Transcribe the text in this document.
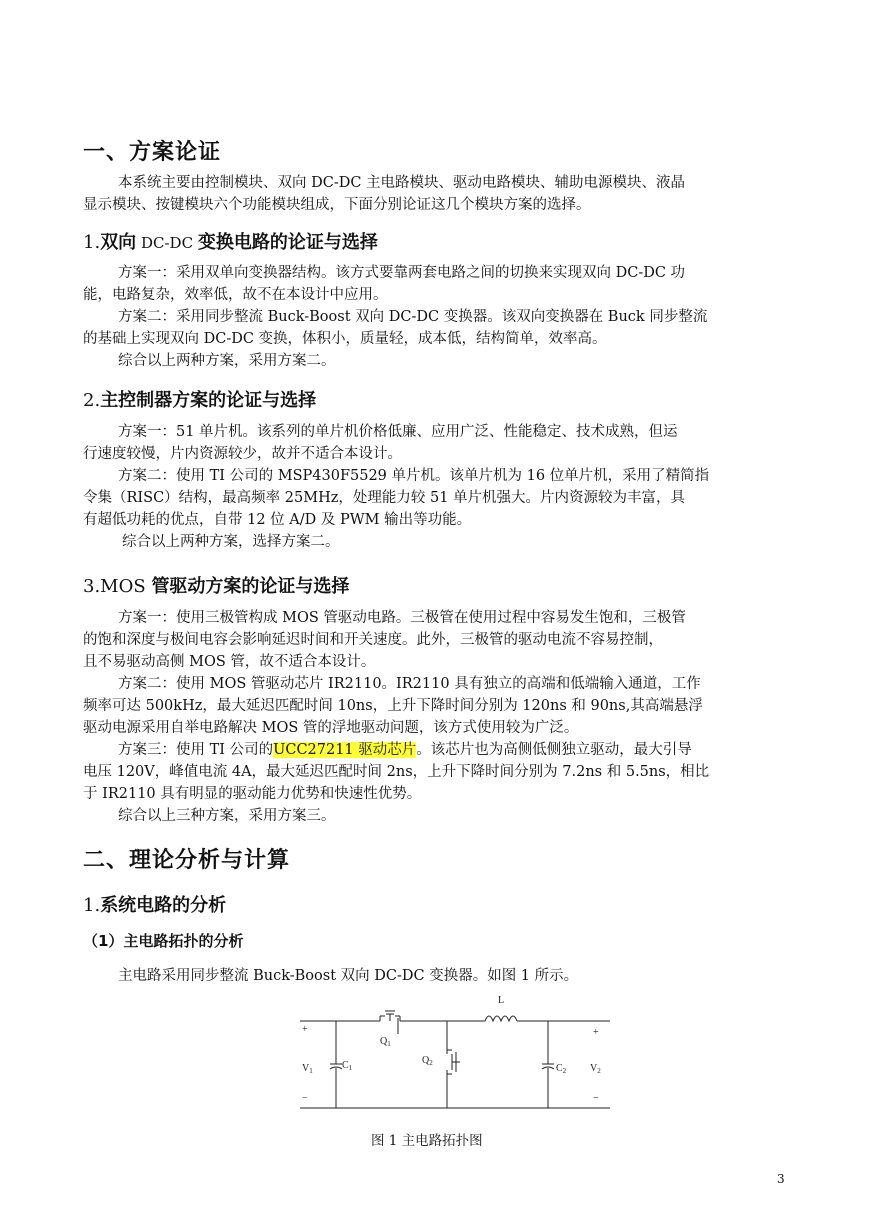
一、方案论证
本系统主要由控制模块、双向 DC-DC 主电路模块、驱动电路模块、辅助电源模块、液晶
显示模块、按键模块六个功能模块组成，下面分别论证这几个模块方案的选择。
1.双向 DC-DC 变换电路的论证与选择
方案一：采用双单向变换器结构。该方式要靠两套电路之间的切换来实现双向 DC-DC 功
能，电路复杂，效率低，故不在本设计中应用。
方案二：采用同步整流 Buck-Boost 双向 DC-DC 变换器。该双向变换器在 Buck 同步整流
的基础上实现双向 DC-DC 变换，体积小，质量轻，成本低，结构简单，效率高。
综合以上两种方案，采用方案二。
2.主控制器方案的论证与选择
方案一：51 单片机。该系列的单片机价格低廉、应用广泛、性能稳定、技术成熟，但运
行速度较慢，片内资源较少，故并不适合本设计。
方案二：使用 TI 公司的 MSP430F5529 单片机。该单片机为 16 位单片机，采用了精简指
令集（RISC）结构，最高频率 25MHz，处理能力较 51 单片机强大。片内资源较为丰富，具
有超低功耗的优点，自带 12 位 A/D 及 PWM 输出等功能。
综合以上两种方案，选择方案二。
3.MOS 管驱动方案的论证与选择
方案一：使用三极管构成 MOS 管驱动电路。三极管在使用过程中容易发生饱和，三极管
的饱和深度与极间电容会影响延迟时间和开关速度。此外，三极管的驱动电流不容易控制，
且不易驱动高侧 MOS 管，故不适合本设计。
方案二：使用 MOS 管驱动芯片 IR2110。IR2110 具有独立的高端和低端输入通道，工作
频率可达 500kHz，最大延迟匹配时间 10ns，上升下降时间分别为 120ns 和 90ns,其高端悬浮
驱动电源采用自举电路解决 MOS 管的浮地驱动问题，该方式使用较为广泛。
方案三：使用 TI 公司的UCC27211 驱动芯片。该芯片也为高侧低侧独立驱动，最大引导
电压 120V，峰值电流 4A，最大延迟匹配时间 2ns，上升下降时间分别为 7.2ns 和 5.5ns，相比
于 IR2110 具有明显的驱动能力优势和快速性优势。
综合以上三种方案，采用方案三。
二、理论分析与计算
1.系统电路的分析
（1）主电路拓扑的分析
主电路采用同步整流 Buck-Boost 双向 DC-DC 变换器。如图 1 所示。
L
$Q_1$
$Q_2$
$C_1$	$C_2$
$V_1$	$V_2$
+	+
−	−
图 1 主电路拓扑图
3
